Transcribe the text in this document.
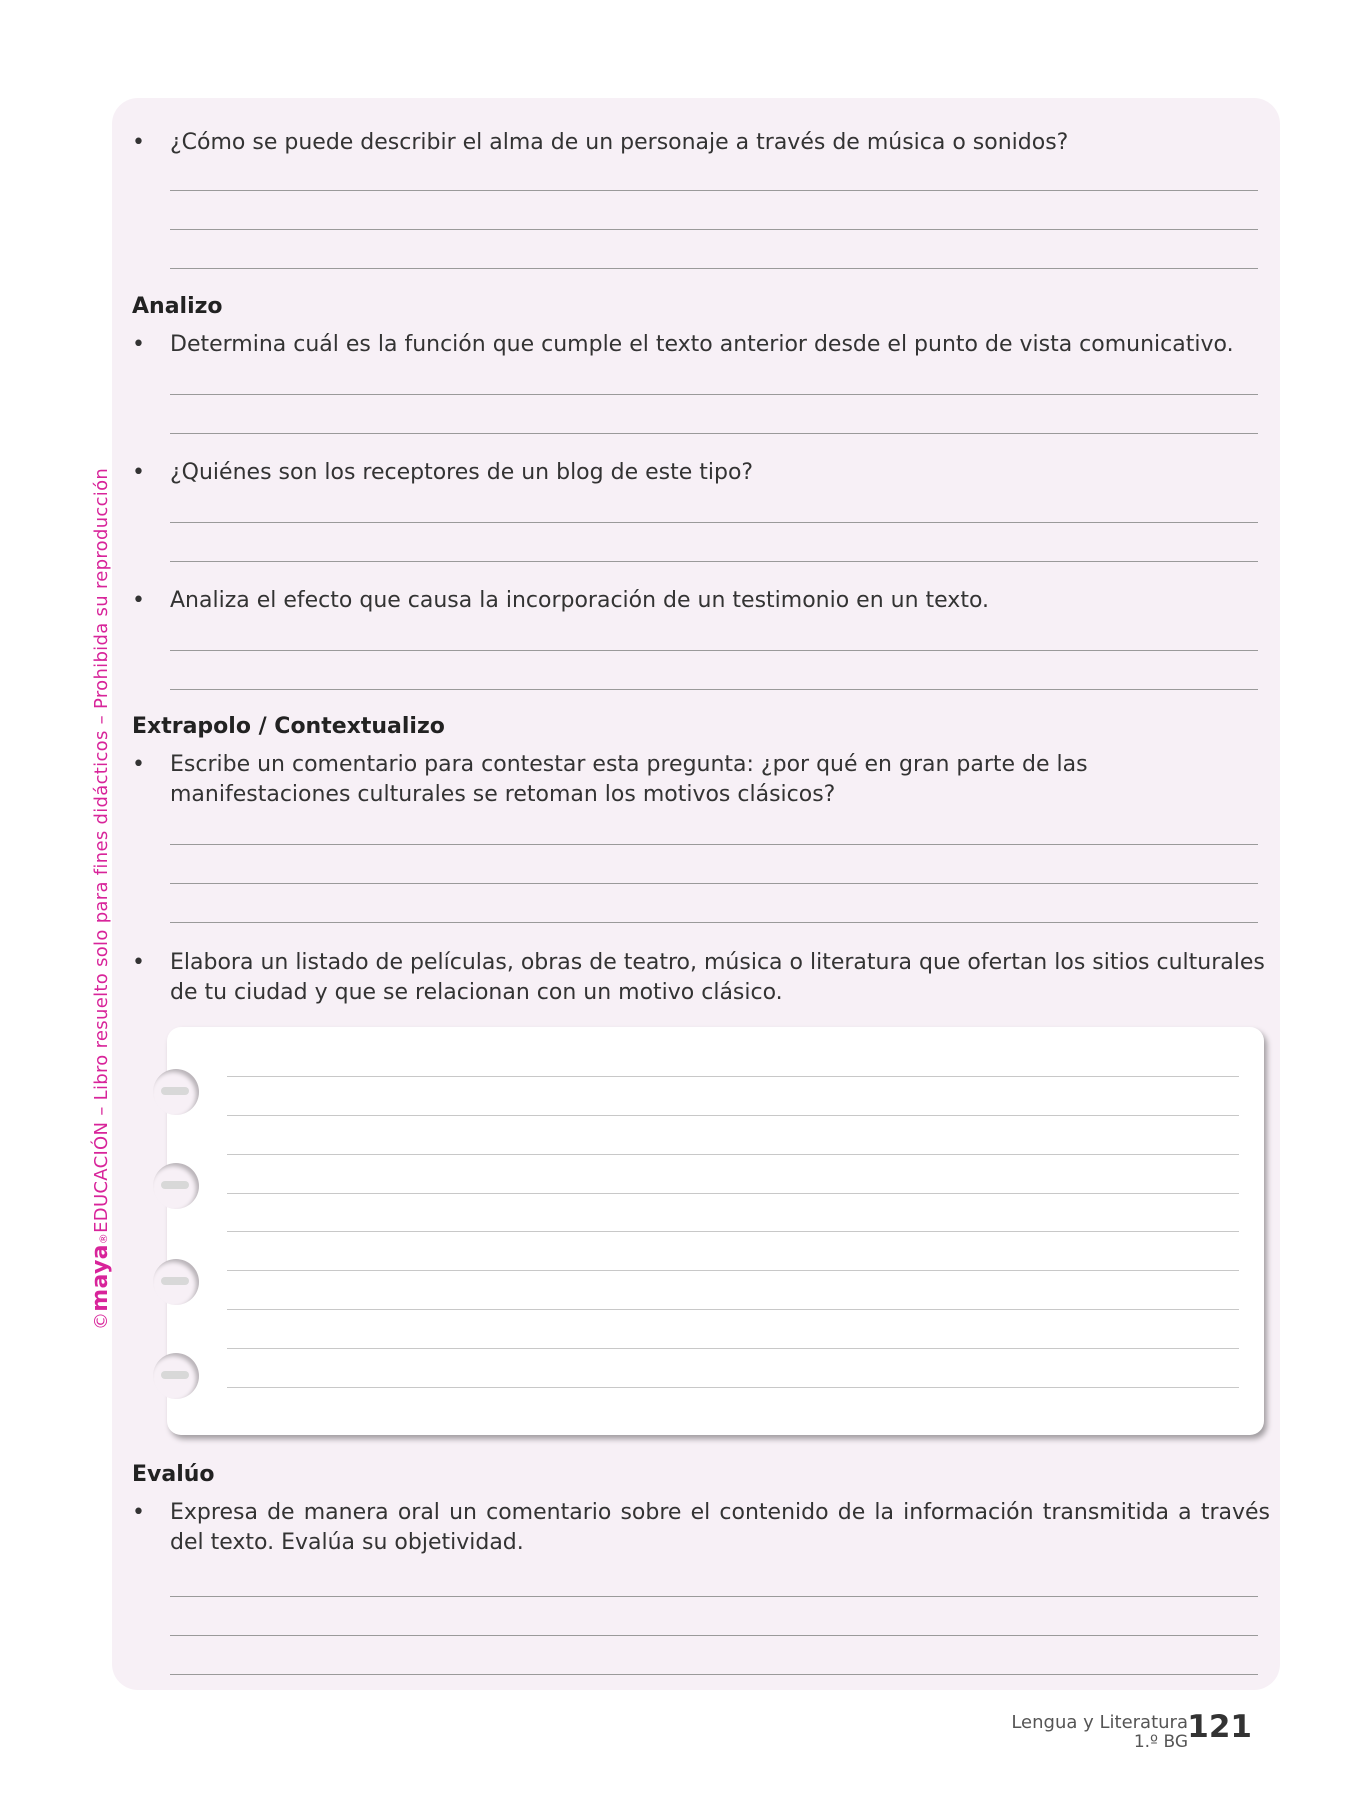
• ¿Cómo se puede describir el alma de un personaje a través de música o sonidos?
Analizo
• Determina cuál es la función que cumple el texto anterior desde el punto de vista comunicativo.
• ¿Quiénes son los receptores de un blog de este tipo?
• Analiza el efecto que causa la incorporación de un testimonio en un texto.
Extrapolo / Contextualizo
• Escribe un comentario para contestar esta pregunta: ¿por qué en gran parte de las manifestaciones culturales se retoman los motivos clásicos?
• Elabora un listado de películas, obras de teatro, música o literatura que ofertan los sitios culturales de tu ciudad y que se relacionan con un motivo clásico.
Evalúo
• Expresa de manera oral un comentario sobre el contenido de la información transmitida a través del texto. Evalúa su objetividad.
©maya®EDUCACIÓN – Libro resuelto solo para fines didácticos – Prohibida su reproducción
Lengua y Literatura
1.º BG 121
